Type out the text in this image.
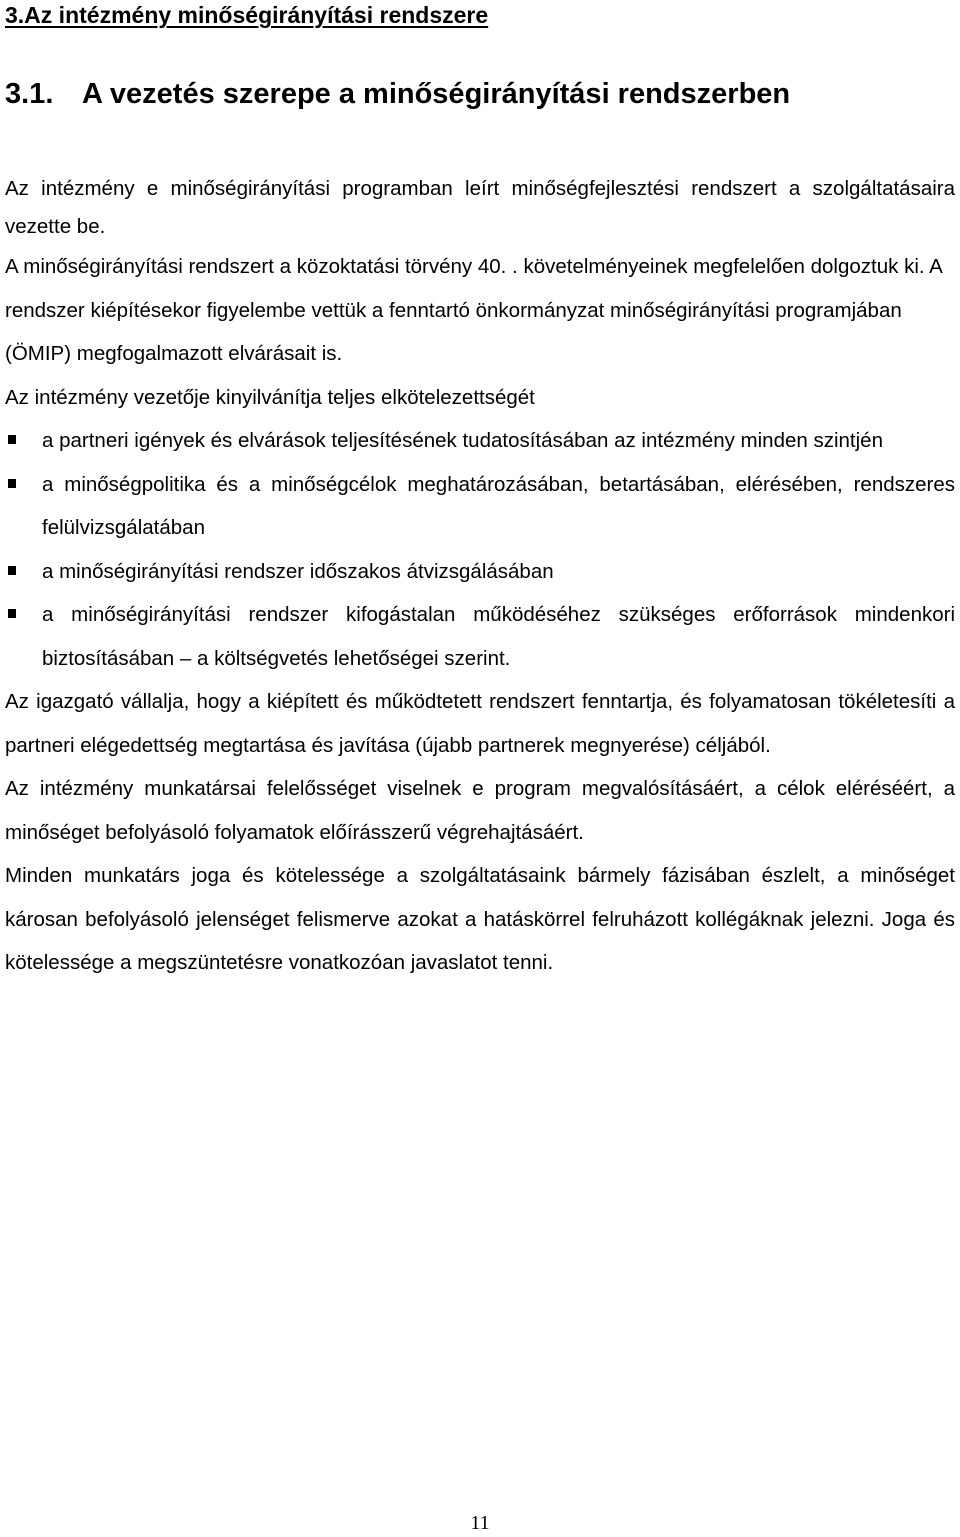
3.Az intézmény minőségirányítási rendszere
3.1. A vezetés szerepe a minőségirányítási rendszerben

Az intézmény e minőségirányítási programban leírt minőségfejlesztési rendszert a szolgáltatásaira vezette be.

A minőségirányítási rendszert a közoktatási törvény 40. . követelményeinek megfelelően dolgoztuk ki. A rendszer kiépítésekor figyelembe vettük a fenntartó önkormányzat minőségirányítási programjában (ÖMIP) megfogalmazott elvárásait is.

Az intézmény vezetője kinyilvánítja teljes elkötelezettségét

a partneri igények és elvárások teljesítésének tudatosításában az intézmény minden szintjén
a minőségpolitika és a minőségcélok meghatározásában, betartásában, elérésében, rendszeres felülvizsgálatában
a minőségirányítási rendszer időszakos átvizsgálásában
a minőségirányítási rendszer kifogástalan működéséhez szükséges erőforrások mindenkori biztosításában – a költségvetés lehetőségei szerint.

Az igazgató vállalja, hogy a kiépített és működtetett rendszert fenntartja, és folyamatosan tökéletesíti a partneri elégedettség megtartása és javítása (újabb partnerek megnyerése) céljából.

Az intézmény munkatársai felelősséget viselnek e program megvalósításáért, a célok eléréséért, a minőséget befolyásoló folyamatok előírásszerű végrehajtásáért.

Minden munkatárs joga és kötelessége a szolgáltatásaink bármely fázisában észlelt, a minőséget károsan befolyásoló jelenséget felismerve azokat a hatáskörrel felruházott kollégáknak jelezni. Joga és kötelessége a megszüntetésre vonatkozóan javaslatot tenni.

11
